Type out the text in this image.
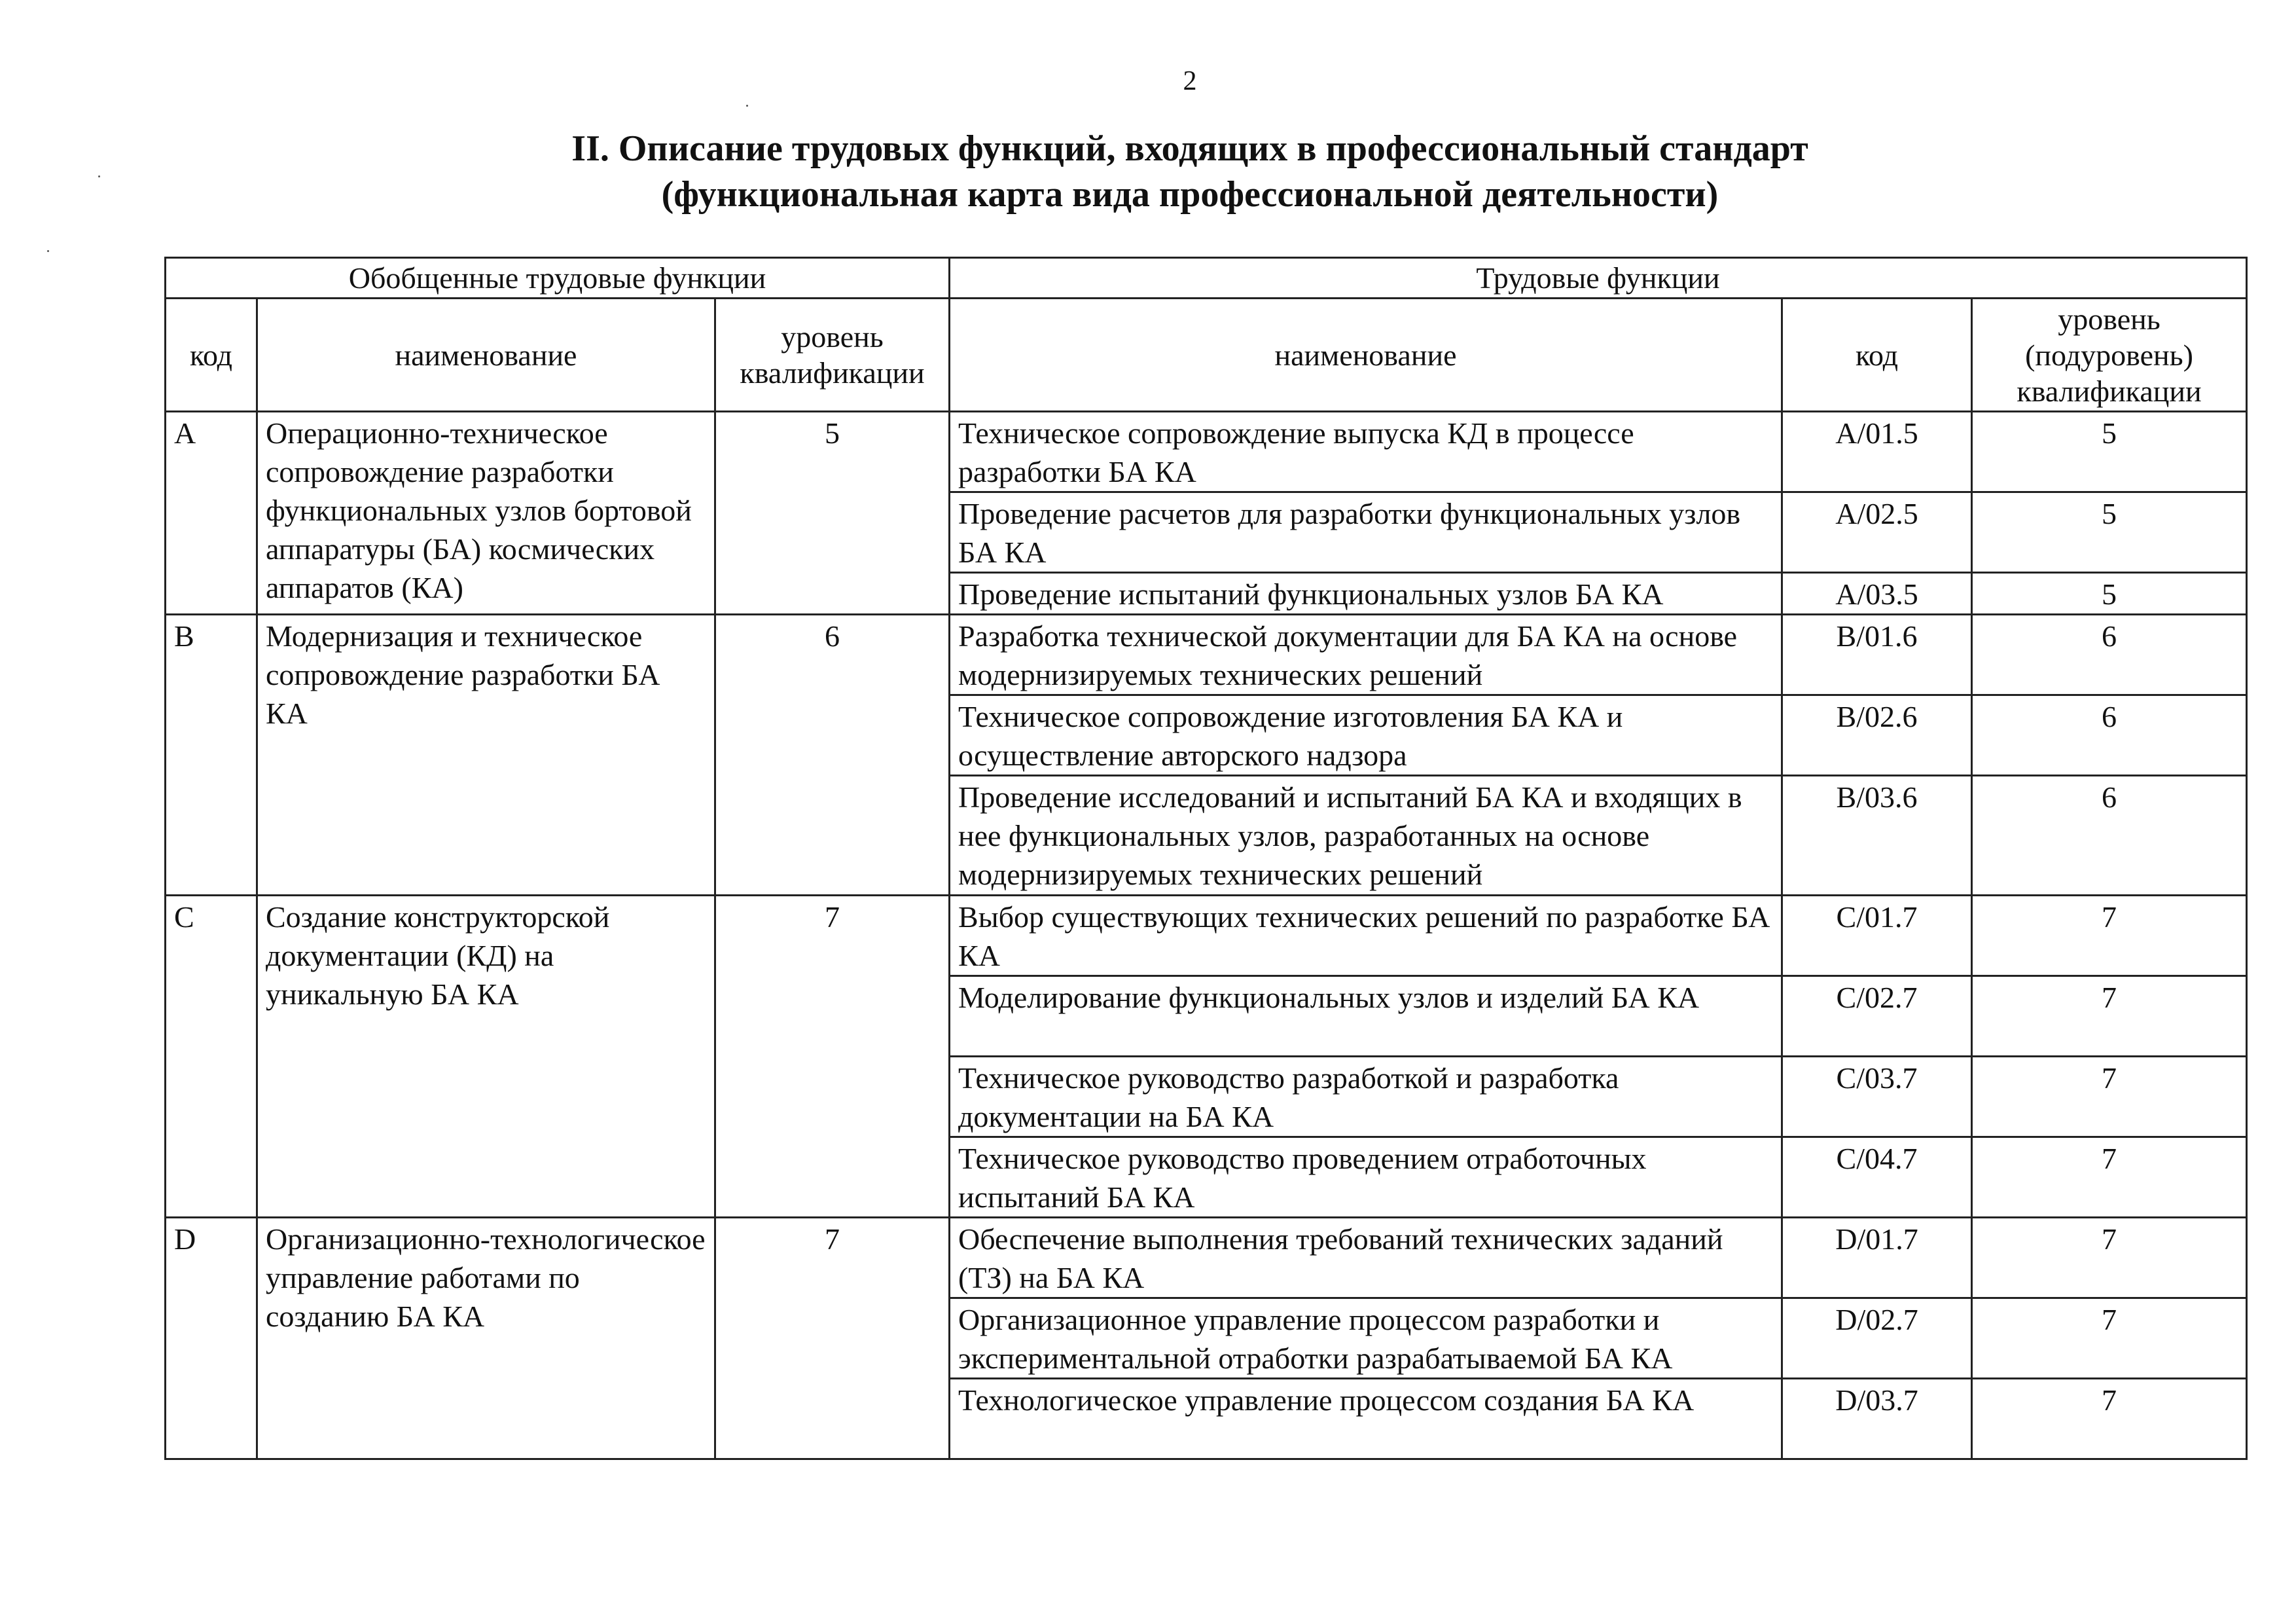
2
II. Описание трудовых функций, входящих в профессиональный стандарт
(функциональная карта вида профессиональной деятельности)
Обобщенные трудовые функции			Трудовые функции		
код	наименование	уровень квалификации	наименование	код	уровень (подуровень) квалификации
A	Операционно-техническое сопровождение разработки функциональных узлов бортовой аппаратуры (БА) космических аппаратов (КА)	5	Техническое сопровождение выпуска КД в процессе разработки БА КА	A/01.5	5
			Проведение расчетов для разработки функциональных узлов БА КА	A/02.5	5
			Проведение испытаний функциональных узлов БА КА	A/03.5	5
B	Модернизация и техническое сопровождение разработки БА КА	6	Разработка технической документации для БА КА на основе модернизируемых технических решений	B/01.6	6
			Техническое сопровождение изготовления БА КА и осуществление авторского надзора	B/02.6	6
			Проведение исследований и испытаний БА КА и входящих в нее функциональных узлов, разработанных на основе модернизируемых технических решений	B/03.6	6
C	Создание конструкторской документации (КД) на уникальную БА КА	7	Выбор существующих технических решений по разработке БА КА	C/01.7	7
			Моделирование функциональных узлов и изделий БА КА	C/02.7	7
			Техническое руководство разработкой и разработка документации на БА КА	C/03.7	7
			Техническое руководство проведением отработочных испытаний БА КА	C/04.7	7
D	Организационно-технологическое управление работами по созданию БА КА	7	Обеспечение выполнения требований технических заданий (ТЗ) на БА КА	D/01.7	7
			Организационное управление процессом разработки и экспериментальной отработки разрабатываемой БА КА	D/02.7	7
			Технологическое управление процессом создания БА КА	D/03.7	7
